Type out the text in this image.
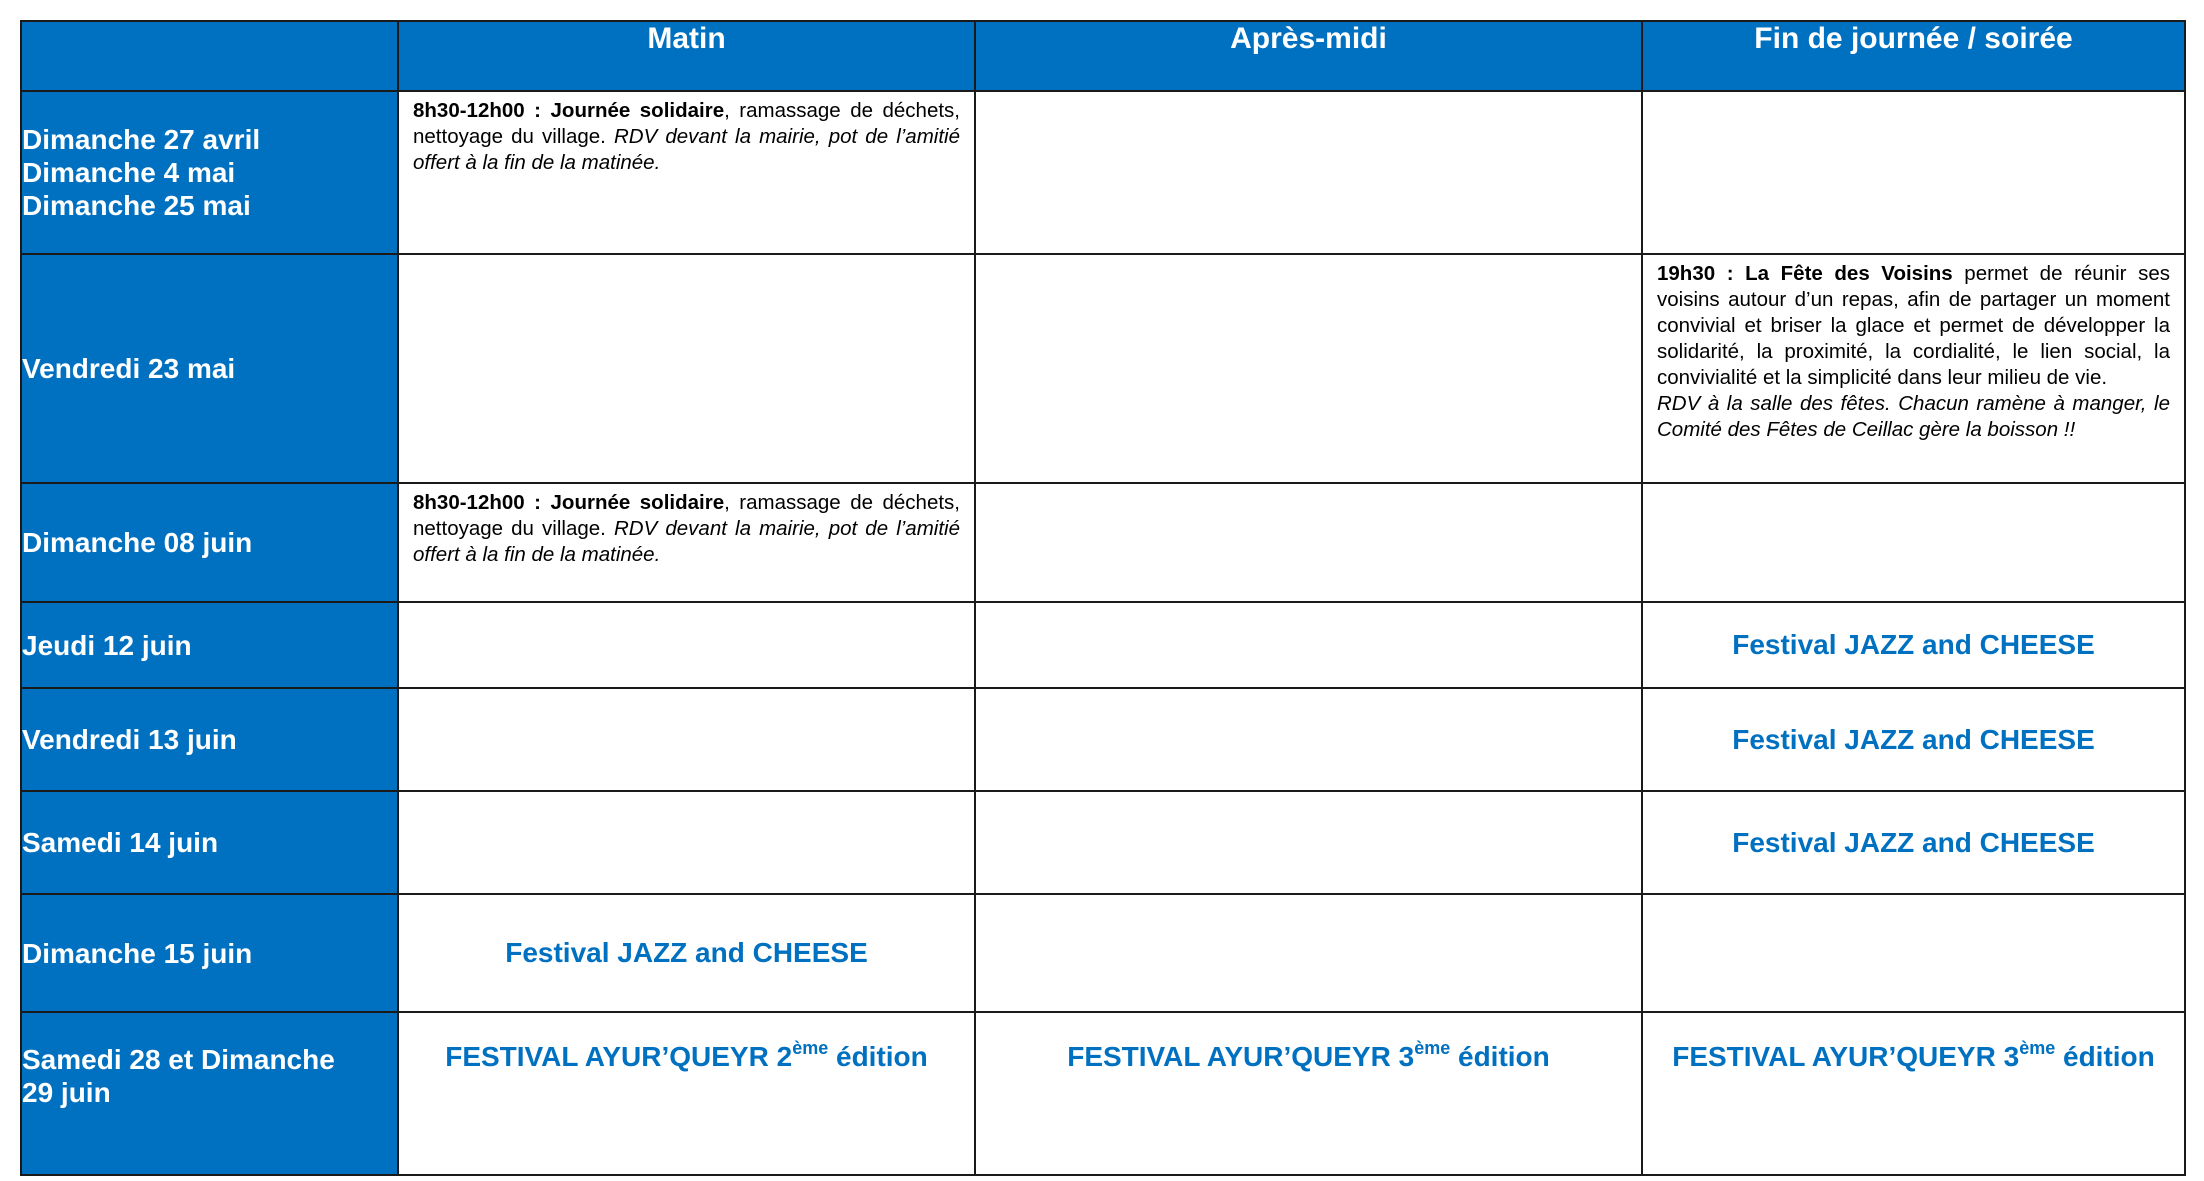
	Matin	Après-midi	Fin de journée / soirée

Dimanche 27 avril
Dimanche 4 mai
Dimanche 25 mai	8h30-12h00 : Journée solidaire, ramassage de déchets, nettoyage du village. RDV devant la mairie, pot de l’amitié offert à la fin de la matinée.		

Vendredi 23 mai			19h30 : La Fête des Voisins permet de réunir ses voisins autour d’un repas, afin de partager un moment convivial et briser la glace et permet de développer la solidarité, la proximité, la cordialité, le lien social, la convivialité et la simplicité dans leur milieu de vie.
RDV à la salle des fêtes. Chacun ramène à manger, le Comité des Fêtes de Ceillac gère la boisson !!

Dimanche 08 juin	8h30-12h00 : Journée solidaire, ramassage de déchets, nettoyage du village. RDV devant la mairie, pot de l’amitié offert à la fin de la matinée.		

Jeudi 12 juin			Festival JAZZ and CHEESE

Vendredi 13 juin			Festival JAZZ and CHEESE

Samedi 14 juin			Festival JAZZ and CHEESE

Dimanche 15 juin	Festival JAZZ and CHEESE		

Samedi 28 et Dimanche
29 juin	FESTIVAL AYUR’QUEYR 2ème édition	FESTIVAL AYUR’QUEYR 3ème édition	FESTIVAL AYUR’QUEYR 3ème édition
